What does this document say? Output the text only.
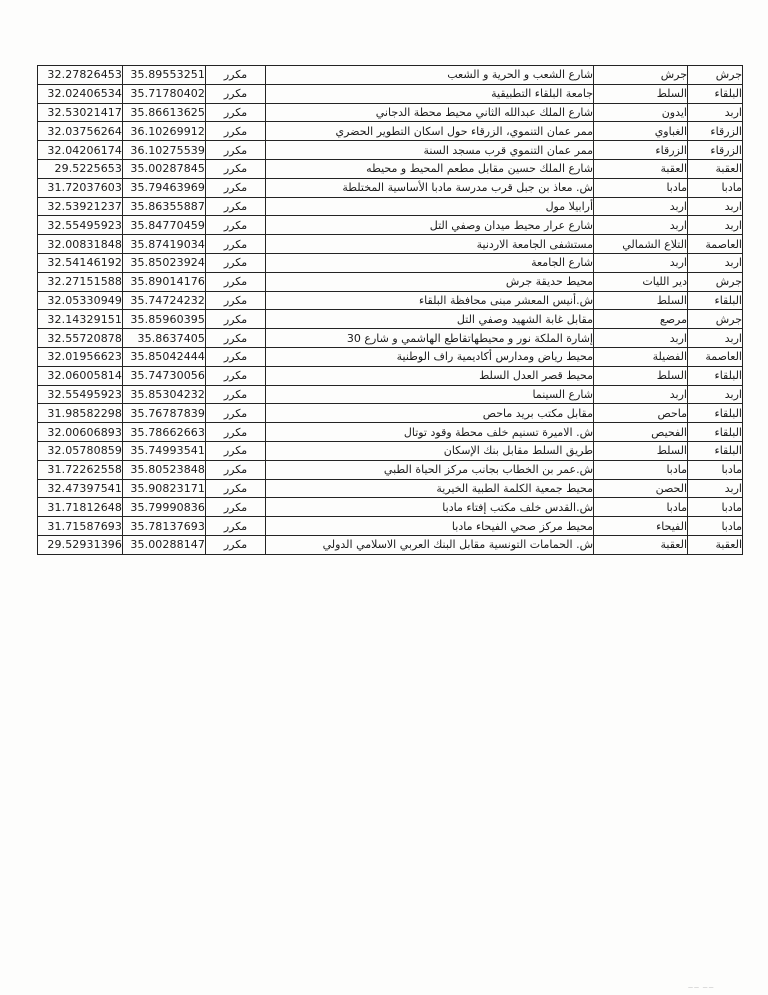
32.27826453	35.89553251	مكرر	شارع الشعب و الحرية و الشعب	جرش	جرش
32.02406534	35.71780402	مكرر	جامعة البلقاء التطبيقية	السلط	البلقاء
32.53021417	35.86613625	مكرر	شارع الملك عبدالله الثاني محيط محطة الدجاني	ايدون	اربد
32.03756264	36.10269912	مكرر	ممر عمان التنموي، الزرقاء حول اسكان التطوير الحضري	الغباوي	الزرقاء
32.04206174	36.10275539	مكرر	ممر عمان التنموي قرب مسجد السنة	الزرقاء	الزرقاء
29.5225653	35.00287845	مكرر	شارع الملك حسين مقابل مطعم المحيط و محيطه	العقبة	العقبة
31.72037603	35.79463969	مكرر	ش. معاذ بن جبل قرب مدرسة مادبا الأساسية المختلطة	مادبا	مادبا
32.53921237	35.86355887	مكرر	أرابيلا مول	اربد	اربد
32.55495923	35.84770459	مكرر	شارع عرار محيط ميدان وصفي التل	اربد	اربد
32.00831848	35.87419034	مكرر	مستشفى الجامعة الاردنية	التلاع الشمالي	العاصمة
32.54146192	35.85023924	مكرر	شارع الجامعة	اربد	اربد
32.27151588	35.89014176	مكرر	محيط حديقة جرش	دير الليات	جرش
32.05330949	35.74724232	مكرر	ش.أنيس المعشر مبنى محافظة البلقاء	السلط	البلقاء
32.14329151	35.85960395	مكرر	مقابل غابة الشهيد وصفي التل	مرصع	جرش
32.55720878	35.8637405	مكرر	إشارة الملكة نور و محيطهاتقاطع الهاشمي و شارع 30	اربد	اربد
32.01956623	35.85042444	مكرر	محيط رياض ومدارس أكاديمية راف الوطنية	الفضيلة	العاصمة
32.06005814	35.74730056	مكرر	محيط قصر العدل السلط	السلط	البلقاء
32.55495923	35.85304232	مكرر	شارع السينما	اربد	اربد
31.98582298	35.76787839	مكرر	مقابل مكتب بريد ماحص	ماحص	البلقاء
32.00606893	35.78662663	مكرر	ش. الاميرة تسنيم خلف محطة وقود توتال	الفحيص	البلقاء
32.05780859	35.74993541	مكرر	طريق السلط مقابل بنك الإسكان	السلط	البلقاء
31.72262558	35.80523848	مكرر	ش.عمر بن الخطاب بجانب مركز الحياة الطبي	مادبا	مادبا
32.47397541	35.90823171	مكرر	محيط جمعية الكلمة الطبية الخيرية	الحصن	اربد
31.71812648	35.79990836	مكرر	ش.القدس خلف مكتب إفتاء مادبا	مادبا	مادبا
31.71587693	35.78137693	مكرر	محيط مركز صحي الفيحاء مادبا	الفيحاء	مادبا
29.52931396	35.00288147	مكرر	ش. الحمامات التونسية مقابل البنك العربي الاسلامي الدولي	العقبة	العقبة
—— ——
